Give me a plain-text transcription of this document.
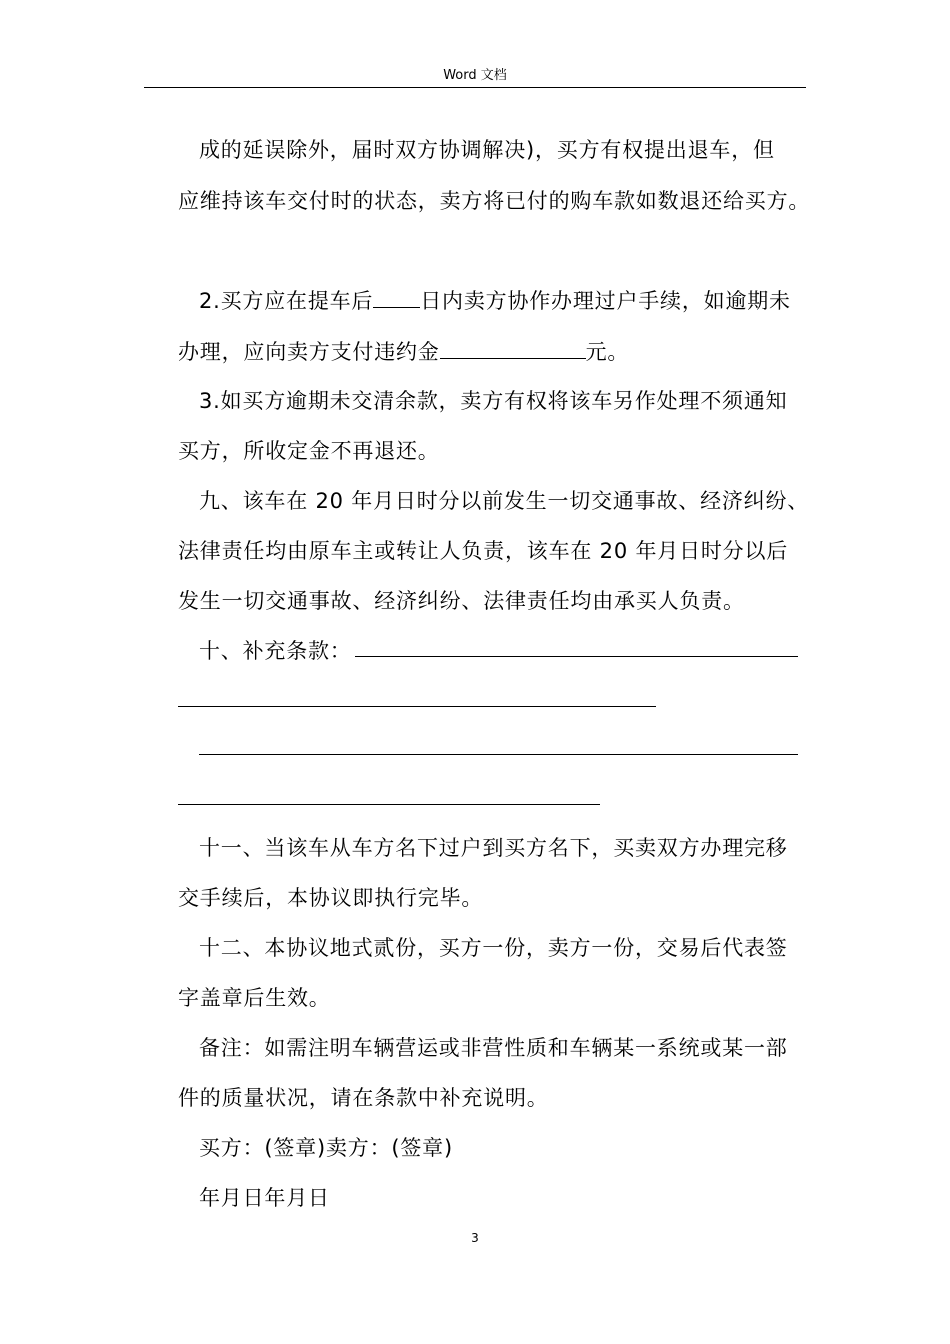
Word 文档
成的延误除外，届时双方协调解决)，买方有权提出退车，但
应维持该车交付时的状态，卖方将已付的购车款如数退还给买方。
2.买方应在提车后 日内卖方协作办理过户手续，如逾期未
办理，应向卖方支付违约金	元。
3.如买方逾期未交清余款，卖方有权将该车另作处理不须通知
买方，所收定金不再退还。
九、该车在 20 年月日时分以前发生一切交通事故、经济纠纷、
法律责任均由原车主或转让人负责，该车在 20 年月日时分以后
发生一切交通事故、经济纠纷、法律责任均由承买人负责。
十、补充条款：
十一、当该车从车方名下过户到买方名下，买卖双方办理完移
交手续后，本协议即执行完毕。
十二、本协议地式贰份，买方一份，卖方一份，交易后代表签
字盖章后生效。
备注：如需注明车辆营运或非营性质和车辆某一系统或某一部
件的质量状况，请在条款中补充说明。
买方：(签章)卖方：(签章)
年月日年月日
3
